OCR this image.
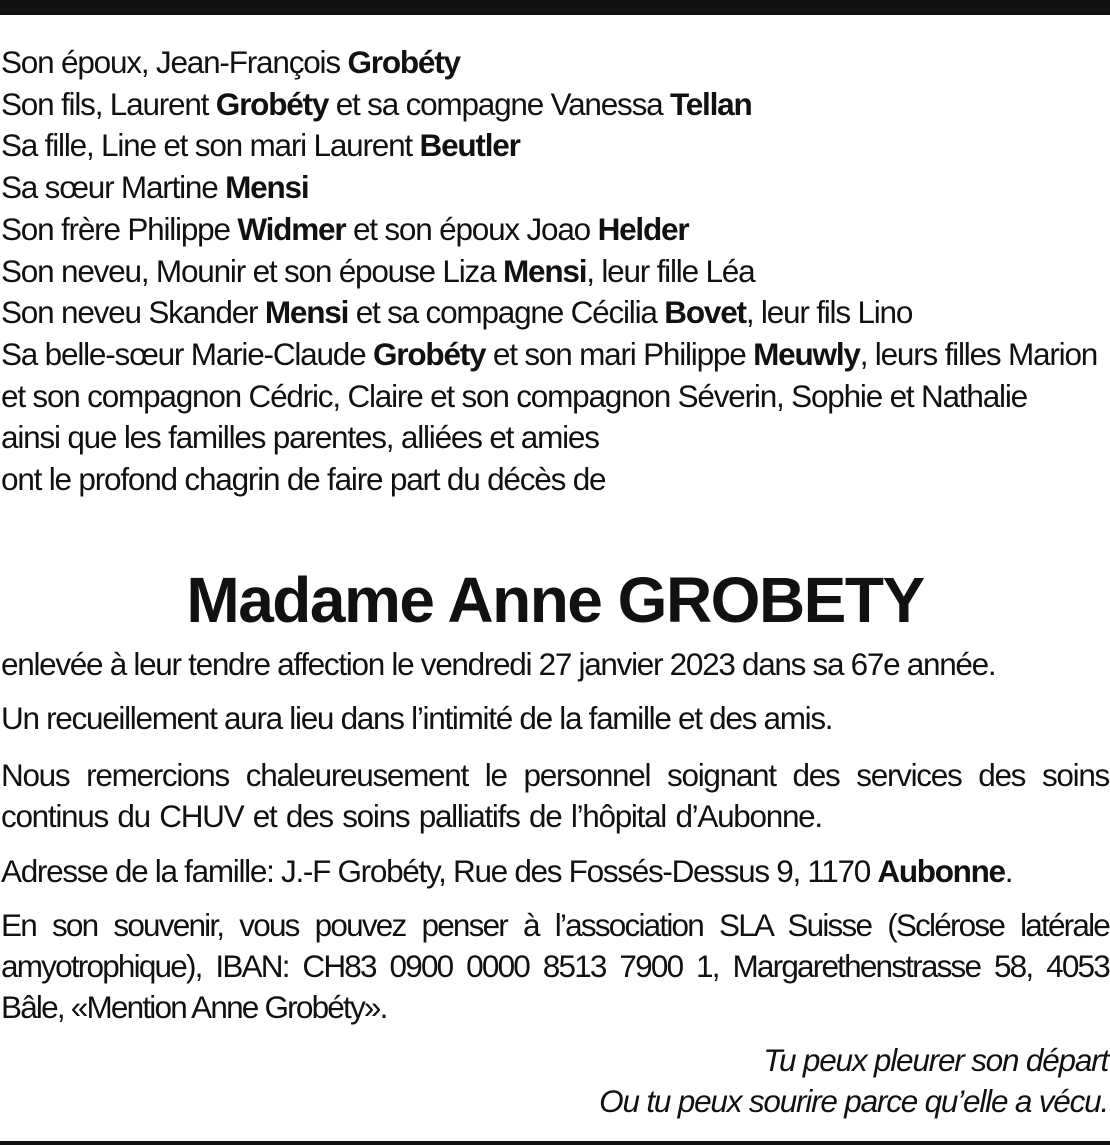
Son époux, Jean-François Grobéty
Son fils, Laurent Grobéty et sa compagne Vanessa Tellan
Sa fille, Line et son mari Laurent Beutler
Sa sœur Martine Mensi
Son frère Philippe Widmer et son époux Joao Helder
Son neveu, Mounir et son épouse Liza Mensi, leur fille Léa
Son neveu Skander Mensi et sa compagne Cécilia Bovet, leur fils Lino
Sa belle-sœur Marie-Claude Grobéty et son mari Philippe Meuwly, leurs filles Marion et son compagnon Cédric, Claire et son compagnon Séverin, Sophie et Nathalie
ainsi que les familles parentes, alliées et amies
ont le profond chagrin de faire part du décès de
Madame Anne GROBETY
enlevée à leur tendre affection le vendredi 27 janvier 2023 dans sa 67e année.
Un recueillement aura lieu dans l’intimité de la famille et des amis.
Nous remercions chaleureusement le personnel soignant des services des soins continus du CHUV et des soins palliatifs de l’hôpital d’Aubonne.
Adresse de la famille: J.-F Grobéty, Rue des Fossés-Dessus 9, 1170 Aubonne.
En son souvenir, vous pouvez penser à l’association SLA Suisse (Sclérose latérale amyotrophique), IBAN: CH83 0900 0000 8513 7900 1, Margarethenstrasse 58, 4053 Bâle, «Mention Anne Grobéty».
Tu peux pleurer son départ
Ou tu peux sourire parce qu’elle a vécu.
